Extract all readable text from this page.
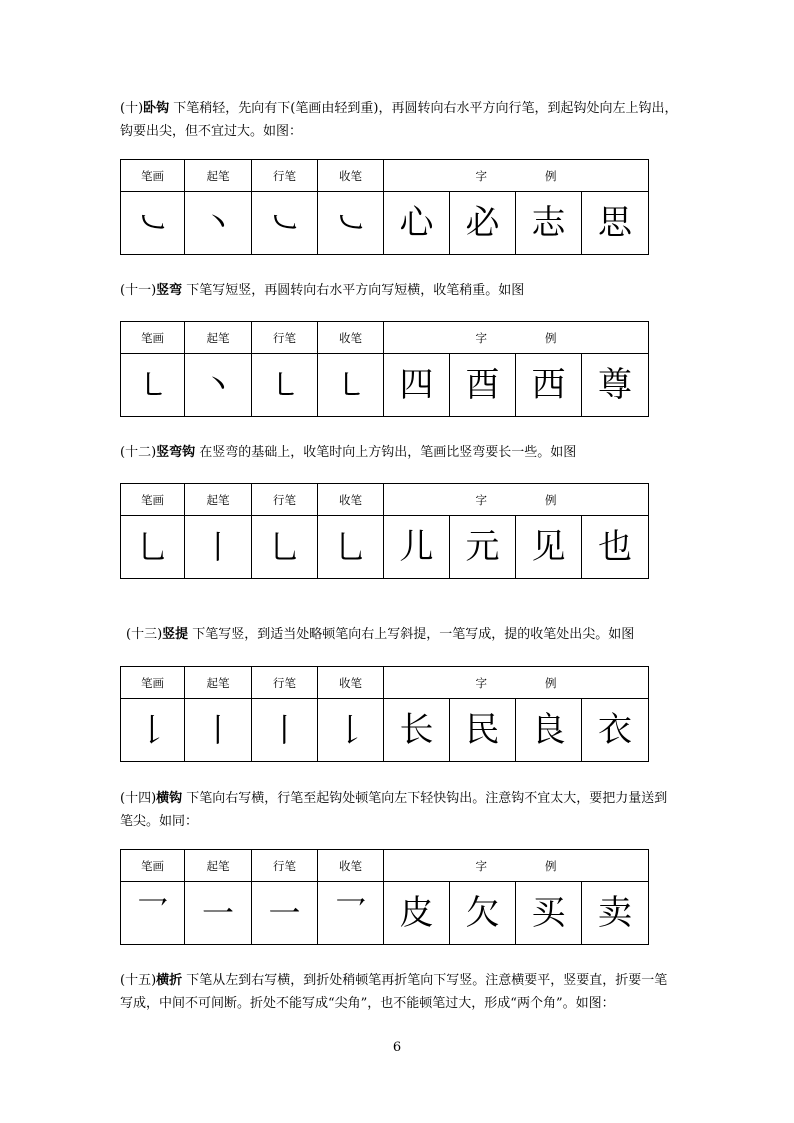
(十)卧钩 下笔稍轻，先向有下(笔画由轻到重)，再圆转向右水平方向行笔，到起钩处向左上钩出，钩要出尖，但不宜过大。如图：
笔画	起笔	行笔	收笔	字 例			
㇃	丶	㇃	㇃	心	必	志	思
(十一)竖弯 下笔写短竖，再圆转向右水平方向写短横，收笔稍重。如图
笔画	起笔	行笔	收笔	字 例			
㇄	丶	㇄	㇄	四	酉	西	尊
(十二)竖弯钩 在竖弯的基础上，收笔时向上方钩出，笔画比竖弯要长一些。如图
笔画	起笔	行笔	收笔	字 例			
乚	丨	乚	乚	儿	元	见	也
(十三)竖提 下笔写竖，到适当处略顿笔向右上写斜提，一笔写成，提的收笔处出尖。如图
笔画	起笔	行笔	收笔	字 例			
𠄌	丨	丨	𠄌	长	民	良	衣
(十四)横钩 下笔向右写横，行笔至起钩处顿笔向左下轻快钩出。注意钩不宜太大，要把力量送到笔尖。如同：
笔画	起笔	行笔	收笔	字 例			
乛	一	一	乛	皮	欠	买	卖
(十五)横折 下笔从左到右写横，到折处稍顿笔再折笔向下写竖。注意横要平，竖要直，折要一笔写成，中间不可间断。折处不能写成“尖角”，也不能顿笔过大，形成“两个角”。如图：
6
